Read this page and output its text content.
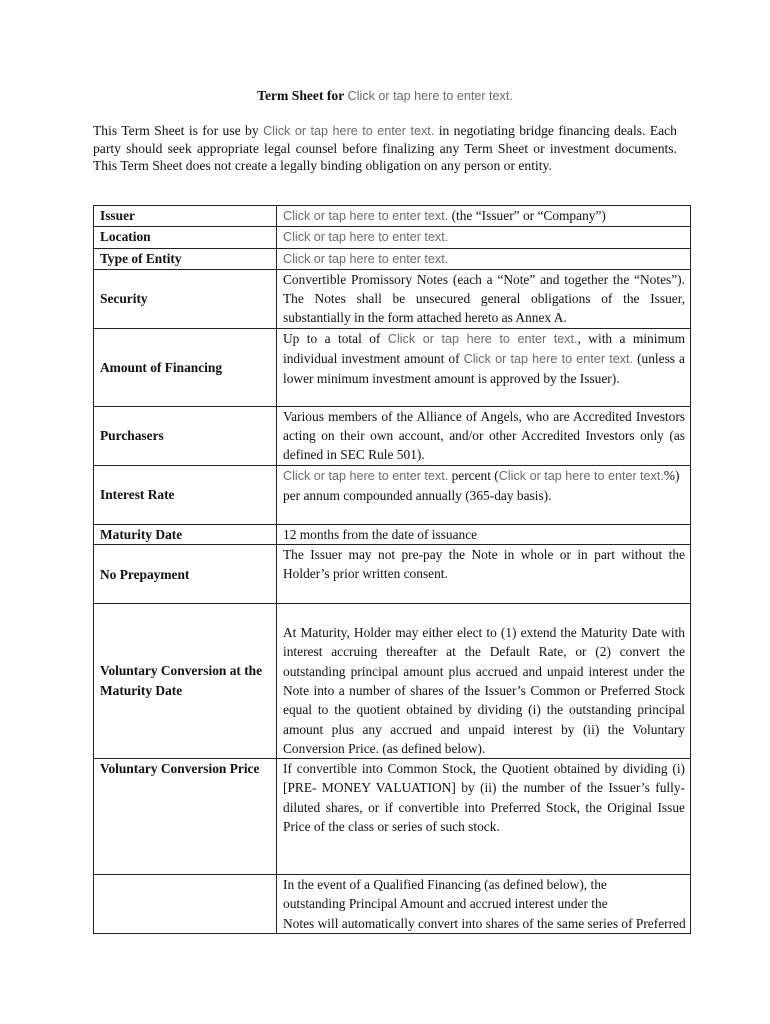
Term Sheet for Click or tap here to enter text.
This Term Sheet is for use by Click or tap here to enter text. in negotiating bridge financing deals. Each party should seek appropriate legal counsel before finalizing any Term Sheet or investment documents. This Term Sheet does not create a legally binding obligation on any person or entity.
Issuer	Click or tap here to enter text. (the “Issuer” or “Company”)
Location	Click or tap here to enter text.
Type of Entity	Click or tap here to enter text.
Security	Convertible Promissory Notes (each a “Note” and together the “Notes”). The Notes shall be unsecured general obligations of the Issuer, substantially in the form attached hereto as Annex A.
Amount of Financing	Up to a total of Click or tap here to enter text., with a minimum individual investment amount of Click or tap here to enter text. (unless a lower minimum investment amount is approved by the Issuer).
Purchasers	Various members of the Alliance of Angels, who are Accredited Investors acting on their own account, and/or other Accredited Investors only (as defined in SEC Rule 501).
Interest Rate	Click or tap here to enter text. percent (Click or tap here to enter text.%) per annum compounded annually (365-day basis).
Maturity Date	12 months from the date of issuance
No Prepayment	The Issuer may not pre-pay the Note in whole or in part without the Holder’s prior written consent.
Voluntary Conversion at the Maturity Date	At Maturity, Holder may either elect to (1) extend the Maturity Date with interest accruing thereafter at the Default Rate, or (2) convert the outstanding principal amount plus accrued and unpaid interest under the Note into a number of shares of the Issuer’s Common or Preferred Stock equal to the quotient obtained by dividing (i) the outstanding principal amount plus any accrued and unpaid interest by (ii) the Voluntary Conversion Price. (as defined below).
Voluntary Conversion Price	If convertible into Common Stock, the Quotient obtained by dividing (i) [PRE- MONEY VALUATION] by (ii) the number of the Issuer’s fully-diluted shares, or if convertible into Preferred Stock, the Original Issue Price of the class or series of such stock.

	In the event of a Qualified Financing (as defined below), the
outstanding Principal Amount and accrued interest under the
Notes will automatically convert into shares of the same series of Preferred
